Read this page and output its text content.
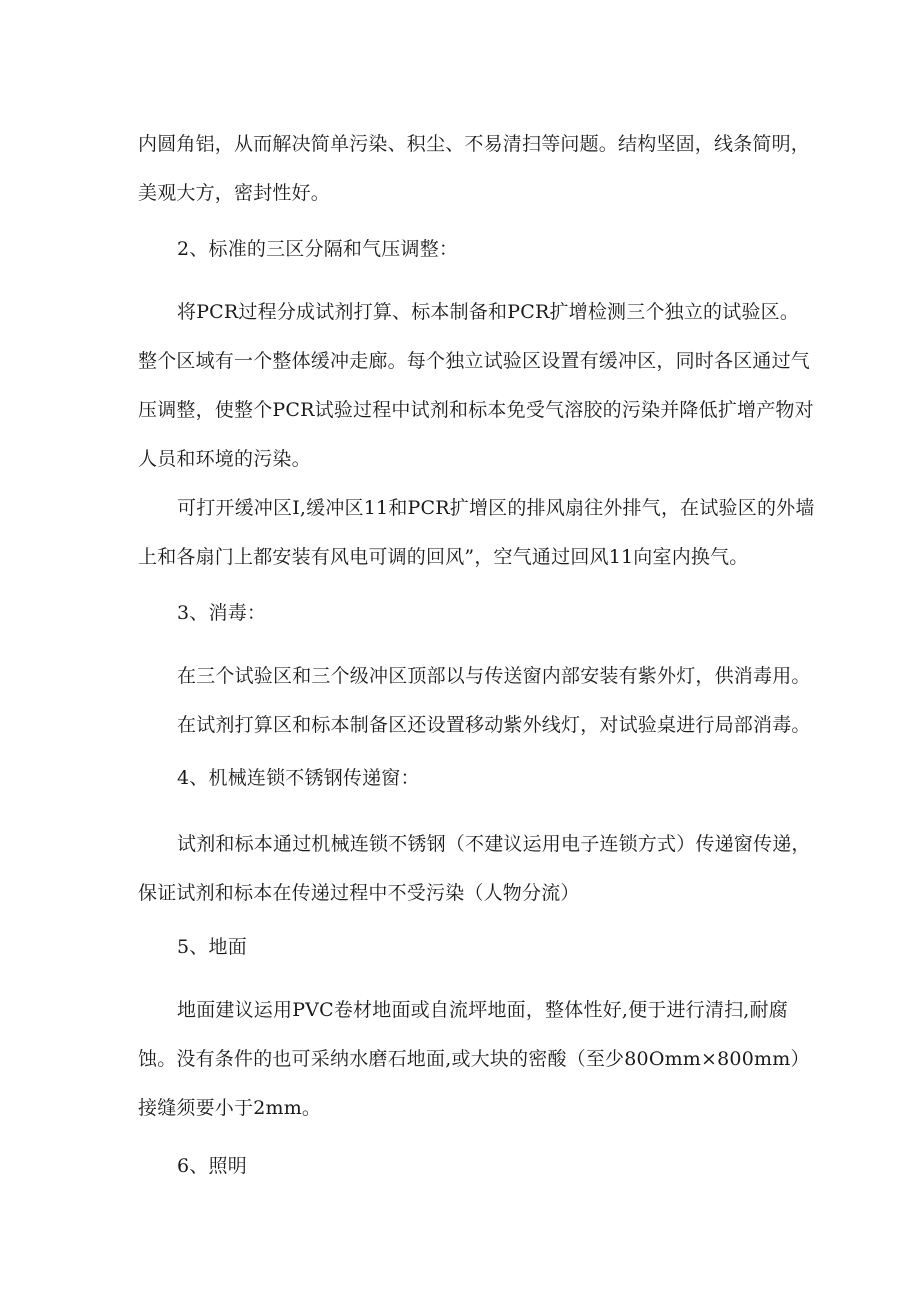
内圆角铝，从而解决简单污染、积尘、不易清扫等问题。结构坚固，线条简明，

美观大方，密封性好。

2、标准的三区分隔和气压调整：

将PCR过程分成试剂打算、标本制备和PCR扩增检测三个独立的试验区。

整个区域有一个整体缓冲走廊。每个独立试验区设置有缓冲区，同时各区通过气

压调整，使整个PCR试验过程中试剂和标本免受气溶胶的污染并降低扩增产物对

人员和环境的污染。

可打开缓冲区I,缓冲区11和PCR扩增区的排风扇往外排气，在试验区的外墙

上和各扇门上都安装有风电可调的回风”，空气通过回风11向室内换气。

3、消毒：

在三个试验区和三个级冲区顶部以与传送窗内部安装有紫外灯，供消毒用。

在试剂打算区和标本制备区还设置移动紫外线灯，对试验桌进行局部消毒。

4、机械连锁不锈钢传递窗：

试剂和标本通过机械连锁不锈钢（不建议运用电子连锁方式）传递窗传递，

保证试剂和标本在传递过程中不受污染（人物分流）

5、地面

地面建议运用PVC卷材地面或自流坪地面，整体性好,便于进行清扫,耐腐

蚀。没有条件的也可采纳水磨石地面,或大块的密酸（至少80Omm×800mm）

接缝须要小于2mm。

6、照明
